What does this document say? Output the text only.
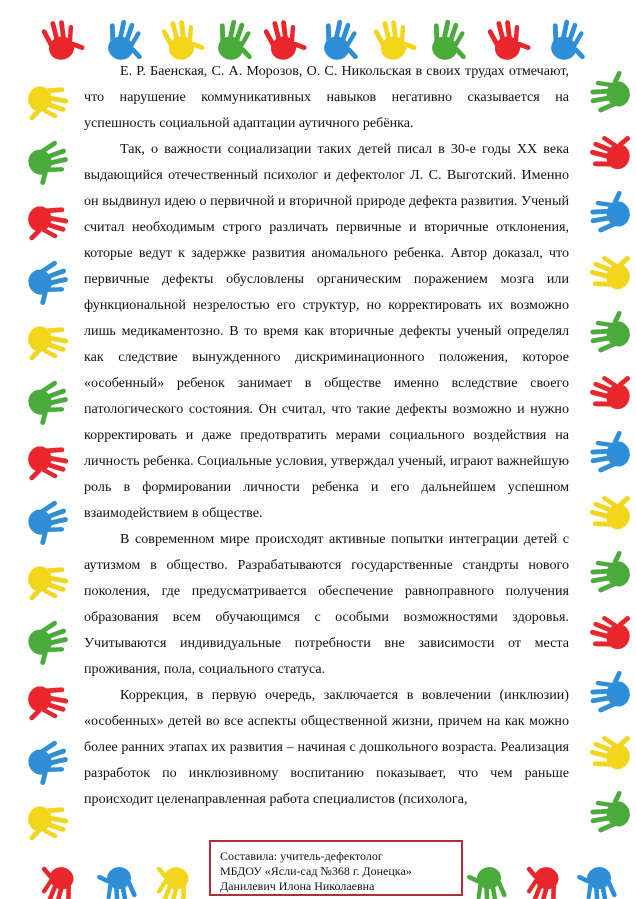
Е. Р. Баенская, С. А. Морозов, О. С. Никольская в своих трудах отмечают, что нарушение коммуникативных навыков негативно сказывается на успешность социальной адаптации аутичного ребёнка.

Так, о важности социализации таких детей писал в 30-е годы XX века выдающийся отечественный психолог и дефектолог Л. С. Выготский. Именно он выдвинул идею о первичной и вторичной природе дефекта развития. Ученый считал необходимым строго различать первичные и вторичные отклонения, которые ведут к задержке развития аномального ребенка. Автор доказал, что первичные дефекты обусловлены органическим поражением мозга или функциональной незрелостью его структур, но корректировать их возможно лишь медикаментозно. В то время как вторичные дефекты ученый определял как следствие вынужденного дискриминационного положения, которое «особенный» ребенок занимает в обществе именно вследствие своего патологического состояния. Он считал, что такие дефекты возможно и нужно корректировать и даже предотвратить мерами социального воздействия на личность ребенка. Социальные условия, утверждал ученый, играют важнейшую роль в формировании личности ребенка и его дальнейшем успешном взаимодействием в обществе.

В современном мире происходят активные попытки интеграции детей с аутизмом в общество. Разрабатываются государственные стандрты нового поколения, где предусматривается обеспечение равноправного получения образования всем обучающимся с особыми возможностями здоровья. Учитываются индивидуальные потребности вне зависимости от места проживания, пола, социального статуса.

Коррекция, в первую очередь, заключается в вовлечении (инклюзии) «особенных» детей во все аспекты общественной жизни, причем на как можно более ранних этапах их развития – начиная с дошкольного возраста. Реализация разработок по инклюзивному воспитанию показывает, что чем раньше происходит целенаправленная работа специалистов (психолога,

Составила: учитель-дефектолог
МБДОУ «Ясли-сад №368 г. Донецка»
Данилевич Илона Николаевна
